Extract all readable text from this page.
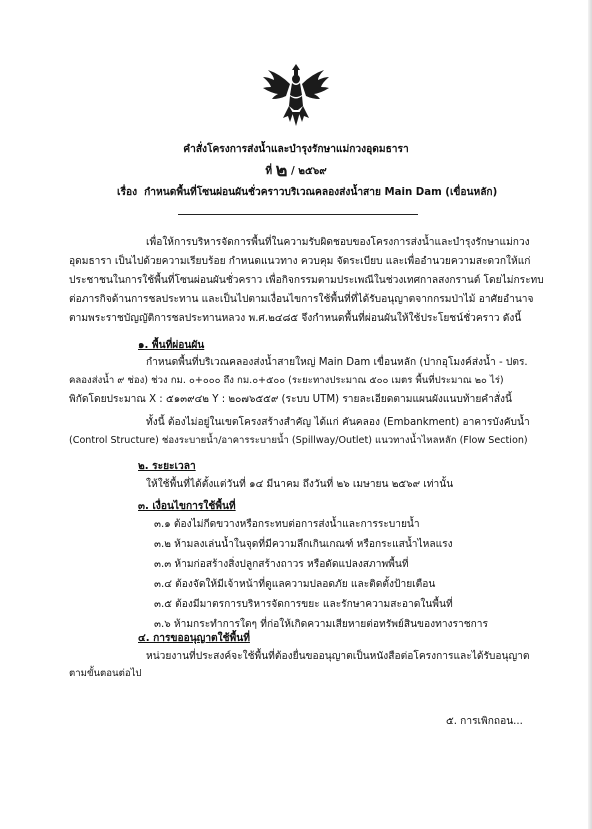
คำสั่งโครงการส่งน้ำและบำรุงรักษาแม่กวงอุดมธารา
ที่ ๒ / ๒๕๖๙
เรื่อง กำหนดพื้นที่โซนผ่อนผันชั่วคราวบริเวณคลองส่งน้ำสาย Main Dam (เขื่อนหลัก)
เพื่อให้การบริหารจัดการพื้นที่ในความรับผิดชอบของโครงการส่งน้ำและบำรุงรักษาแม่กวง
อุดมธารา เป็นไปด้วยความเรียบร้อย กำหนดแนวทาง ควบคุม จัดระเบียบ และเพื่ออำนวยความสะดวกให้แก่
ประชาชนในการใช้พื้นที่โซนผ่อนผันชั่วคราว เพื่อกิจกรรมตามประเพณีในช่วงเทศกาลสงกรานต์ โดยไม่กระทบ
ต่อภารกิจด้านการชลประทาน และเป็นไปตามเงื่อนไขการใช้พื้นที่ที่ได้รับอนุญาตจากกรมป่าไม้ อาศัยอำนาจ
ตามพระราชบัญญัติการชลประทานหลวง พ.ศ.๒๔๘๕ จึงกำหนดพื้นที่ผ่อนผันให้ใช้ประโยชน์ชั่วคราว ดังนี้
๑. พื้นที่ผ่อนผัน
กำหนดพื้นที่บริเวณคลองส่งน้ำสายใหญ่ Main Dam เขื่อนหลัก (ปากอุโมงค์ส่งน้ำ - ปตร.
คลองส่งน้ำ ๙ ช่อง) ช่วง กม. ๐+๐๐๐ ถึง กม.๐+๕๐๐ (ระยะทางประมาณ ๕๐๐ เมตร พื้นที่ประมาณ ๒๐ ไร่)
พิกัดโดยประมาณ X : ๕๑๓๙๔๒ Y : ๒๐๗๖๕๕๙ (ระบบ UTM) รายละเอียดตามแผนผังแนบท้ายคำสั่งนี้
ทั้งนี้ ต้องไม่อยู่ในเขตโครงสร้างสำคัญ ได้แก่ คันคลอง (Embankment) อาคารบังคับน้ำ
(Control Structure) ช่องระบายน้ำ/อาคารระบายน้ำ (Spillway/Outlet) แนวทางน้ำไหลหลัก (Flow Section)
๒. ระยะเวลา
ให้ใช้พื้นที่ได้ตั้งแต่วันที่ ๑๔ มีนาคม ถึงวันที่ ๒๖ เมษายน ๒๕๖๙ เท่านั้น
๓. เงื่อนไขการใช้พื้นที่
๓.๑ ต้องไม่กีดขวางหรือกระทบต่อการส่งน้ำและการระบายน้ำ
๓.๒ ห้ามลงเล่นน้ำในจุดที่มีความลึกเกินเกณฑ์ หรือกระแสน้ำไหลแรง
๓.๓ ห้ามก่อสร้างสิ่งปลูกสร้างถาวร หรือดัดแปลงสภาพพื้นที่
๓.๔ ต้องจัดให้มีเจ้าหน้าที่ดูแลความปลอดภัย และติดตั้งป้ายเตือน
๓.๕ ต้องมีมาตรการบริหารจัดการขยะ และรักษาความสะอาดในพื้นที่
๓.๖ ห้ามกระทำการใดๆ ที่ก่อให้เกิดความเสียหายต่อทรัพย์สินของทางราชการ
๔. การขออนุญาตใช้พื้นที่
หน่วยงานที่ประสงค์จะใช้พื้นที่ต้องยื่นขออนุญาตเป็นหนังสือต่อโครงการและได้รับอนุญาต
ตามขั้นตอนต่อไป
๕. การเพิกถอน...
